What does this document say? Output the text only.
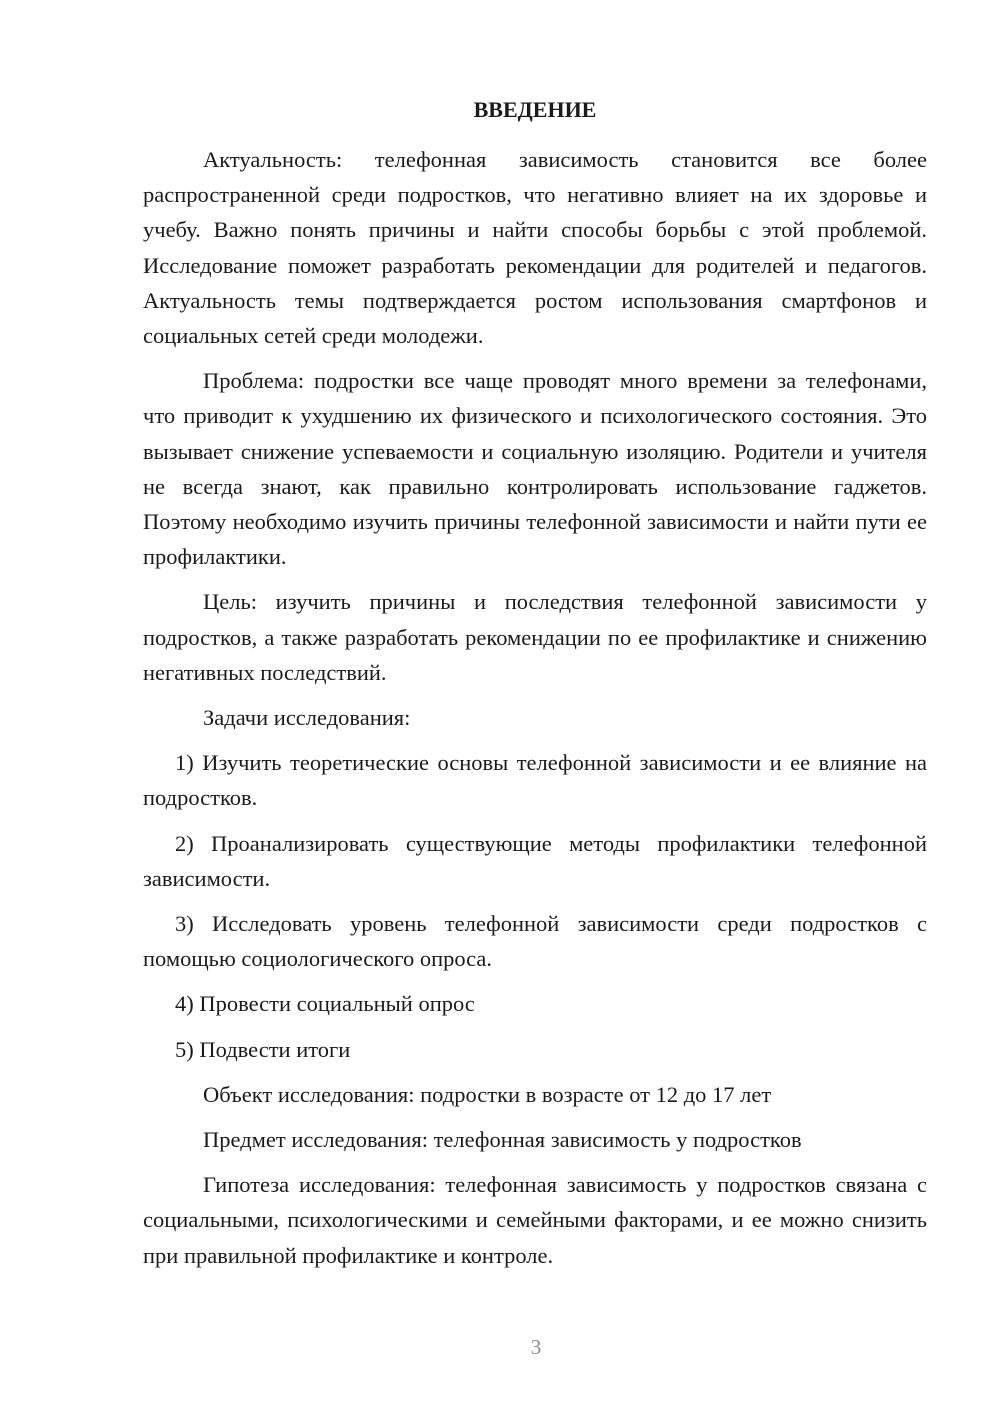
ВВЕДЕНИЕ

Актуальность: телефонная зависимость становится все более распространенной среди подростков, что негативно влияет на их здоровье и учебу. Важно понять причины и найти способы борьбы с этой проблемой. Исследование поможет разработать рекомендации для родителей и педагогов. Актуальность темы подтверждается ростом использования смартфонов и социальных сетей среди молодежи.

Проблема: подростки все чаще проводят много времени за телефонами, что приводит к ухудшению их физического и психологического состояния. Это вызывает снижение успеваемости и социальную изоляцию. Родители и учителя не всегда знают, как правильно контролировать использование гаджетов. Поэтому необходимо изучить причины телефонной зависимости и найти пути ее профилактики.

Цель: изучить причины и последствия телефонной зависимости у подростков, а также разработать рекомендации по ее профилактике и снижению негативных последствий.

Задачи исследования:

1) Изучить теоретические основы телефонной зависимости и ее влияние на подростков.

2) Проанализировать существующие методы профилактики телефонной зависимости.

3) Исследовать уровень телефонной зависимости среди подростков с помощью социологического опроса.

4) Провести социальный опрос

5) Подвести итоги

Объект исследования: подростки в возрасте от 12 до 17 лет

Предмет исследования: телефонная зависимость у подростков

Гипотеза исследования: телефонная зависимость у подростков связана с социальными, психологическими и семейными факторами, и ее можно снизить при правильной профилактике и контроле.

3
